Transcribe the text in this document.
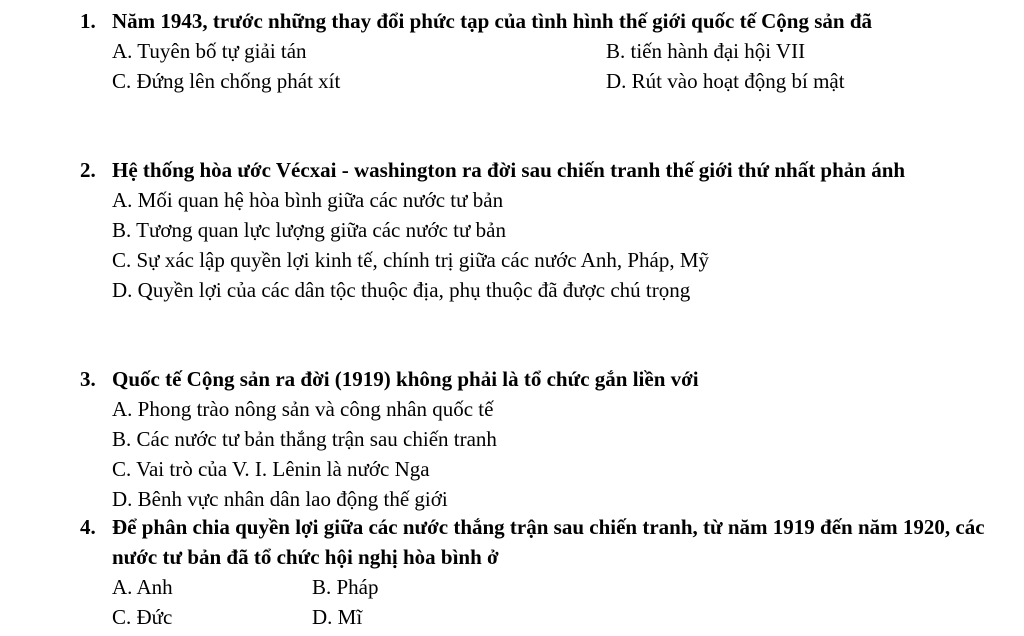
1. Năm 1943, trước những thay đổi phức tạp của tình hình thế giới quốc tế Cộng sản đã
A. Tuyên bố tự giải tán	B. tiến hành đại hội VII
C. Đứng lên chống phát xít	D. Rút vào hoạt động bí mật
2. Hệ thống hòa ước Vécxai - washington ra đời sau chiến tranh thế giới thứ nhất phản ánh
A. Mối quan hệ hòa bình giữa các nước tư bản
B. Tương quan lực lượng giữa các nước tư bản
C. Sự xác lập quyền lợi kinh tế, chính trị giữa các nước Anh, Pháp, Mỹ
D. Quyền lợi của các dân tộc thuộc địa, phụ thuộc đã được chú trọng
3. Quốc tế Cộng sản ra đời (1919) không phải là tổ chức gắn liền với
A. Phong trào nông sản và công nhân quốc tế
B. Các nước tư bản thắng trận sau chiến tranh
C. Vai trò của V. I. Lênin là nước Nga
D. Bênh vực nhân dân lao động thế giới
4. Để phân chia quyền lợi giữa các nước thắng trận sau chiến tranh, từ năm 1919 đến năm 1920, các nước tư bản đã tổ chức hội nghị hòa bình ở
A. Anh	B. Pháp
C. Đức	D. Mĩ
